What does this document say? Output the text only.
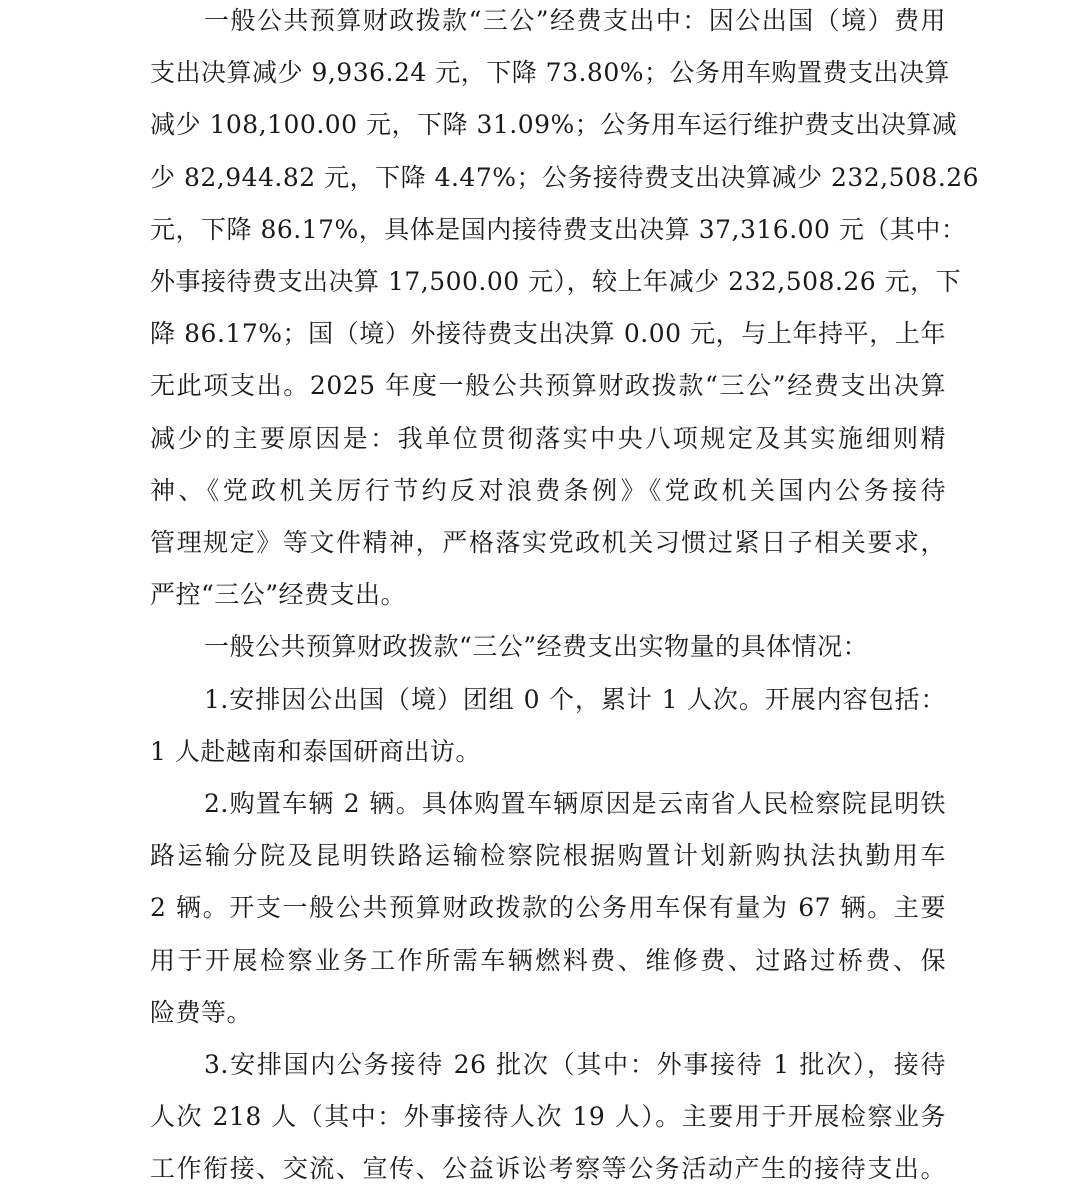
一般公共预算财政拨款“三公”经费支出中：因公出国（境）费用
支出决算减少 9,936.24 元，下降 73.80%；公务用车购置费支出决算
减少 108,100.00 元，下降 31.09%；公务用车运行维护费支出决算减
少 82,944.82 元，下降 4.47%；公务接待费支出决算减少 232,508.26
元，下降 86.17%，具体是国内接待费支出决算 37,316.00 元（其中：
外事接待费支出决算 17,500.00 元），较上年减少 232,508.26 元，下
降 86.17%；国（境）外接待费支出决算 0.00 元，与上年持平，上年
无此项支出。2025 年度一般公共预算财政拨款“三公”经费支出决算
减少的主要原因是：我单位贯彻落实中央八项规定及其实施细则精
神、《党政机关厉行节约反对浪费条例》《党政机关国内公务接待
管理规定》等文件精神，严格落实党政机关习惯过紧日子相关要求，
严控“三公”经费支出。
一般公共预算财政拨款“三公”经费支出实物量的具体情况：
1.安排因公出国（境）团组 0 个，累计 1 人次。开展内容包括：
1 人赴越南和泰国研商出访。
2.购置车辆 2 辆。具体购置车辆原因是云南省人民检察院昆明铁
路运输分院及昆明铁路运输检察院根据购置计划新购执法执勤用车
2 辆。开支一般公共预算财政拨款的公务用车保有量为 67 辆。主要
用于开展检察业务工作所需车辆燃料费、维修费、过路过桥费、保
险费等。
3.安排国内公务接待 26 批次（其中：外事接待 1 批次），接待
人次 218 人（其中：外事接待人次 19 人）。主要用于开展检察业务
工作衔接、交流、宣传、公益诉讼考察等公务活动产生的接待支出。
